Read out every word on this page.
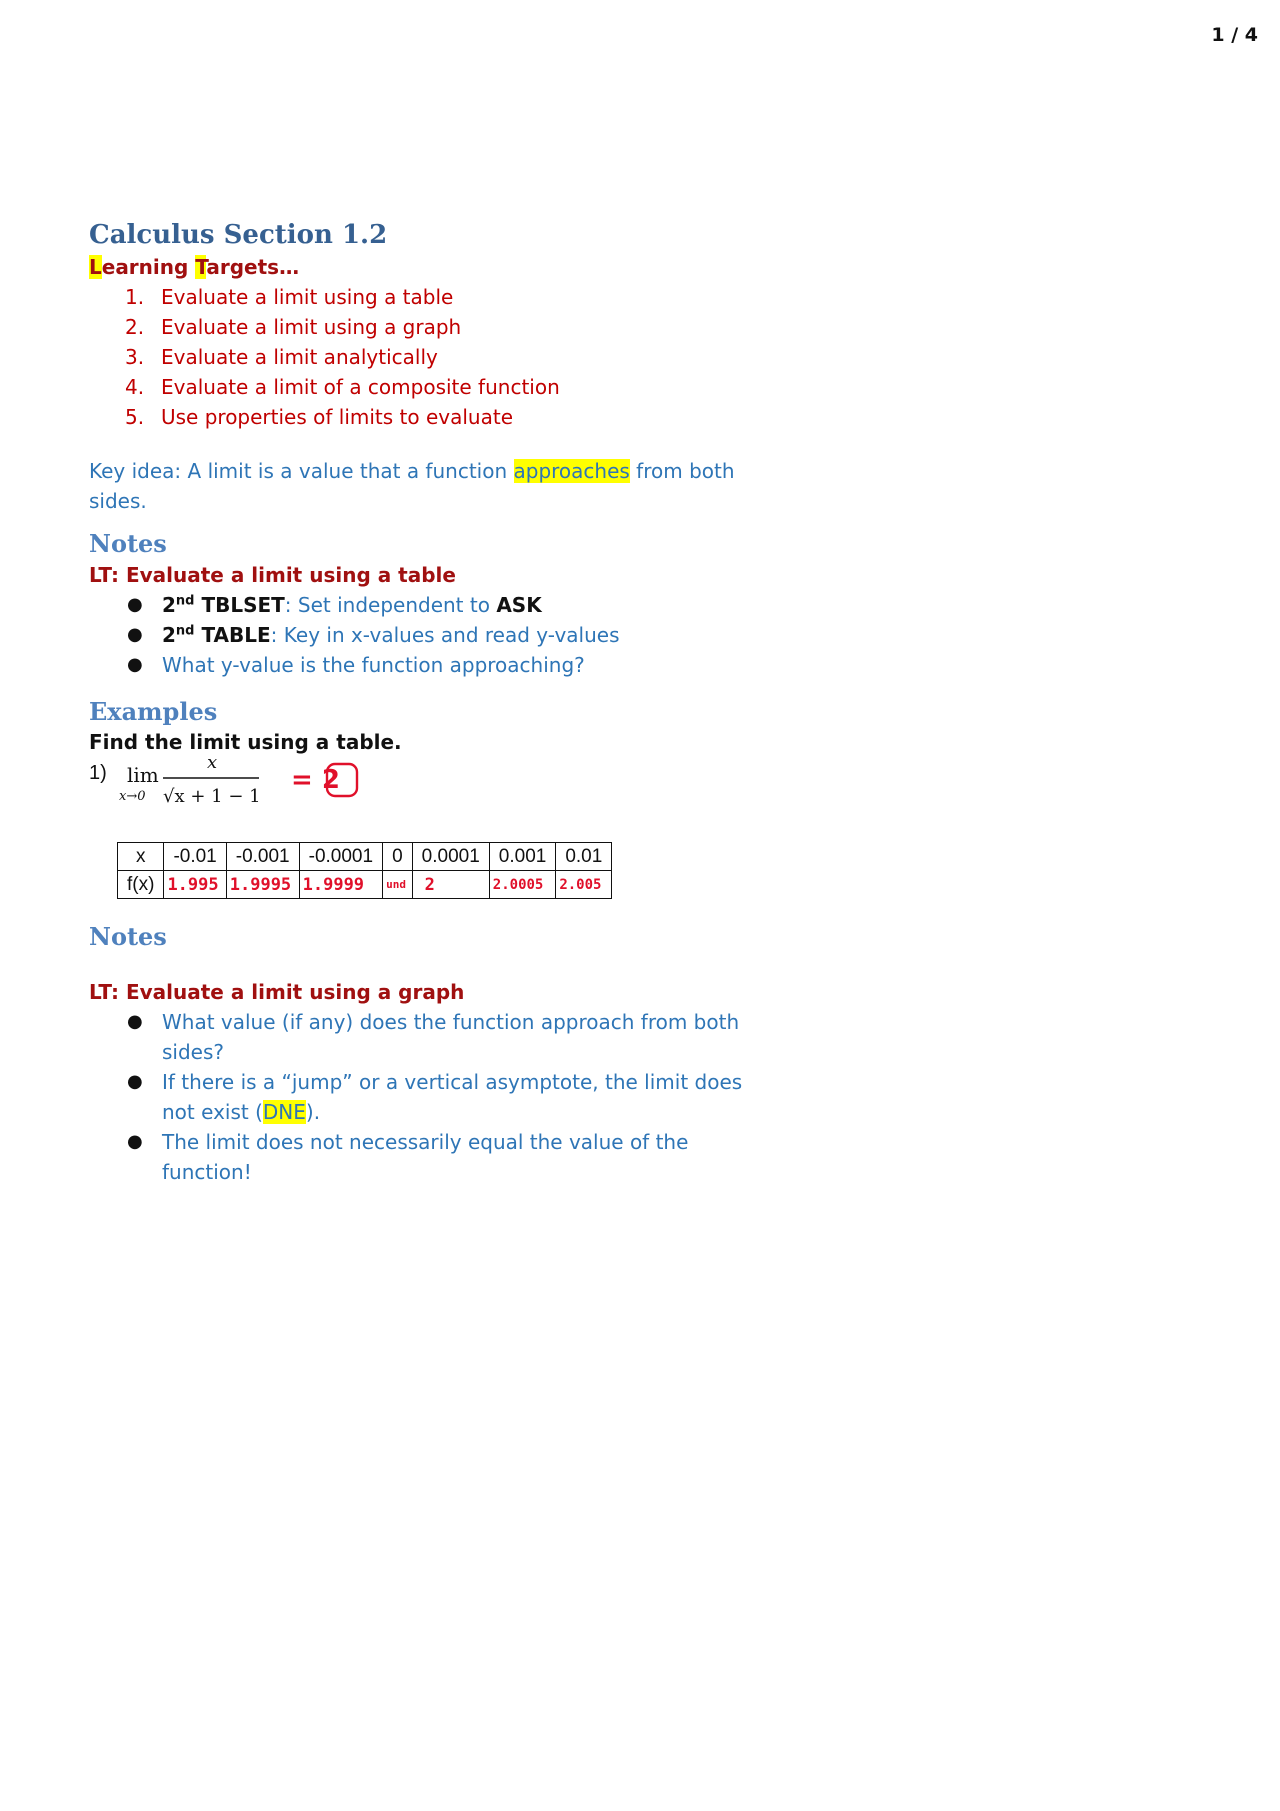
1 / 4
Calculus Section 1.2
Learning Targets…
1. Evaluate a limit using a table
2. Evaluate a limit using a graph
3. Evaluate a limit analytically
4. Evaluate a limit of a composite function
5. Use properties of limits to evaluate
Key idea: A limit is a value that a function approaches from both sides.
Notes
LT: Evaluate a limit using a table
● 2nd TBLSET: Set independent to ASK
● 2nd TABLE: Key in x-values and read y-values
● What y-value is the function approaching?
Examples
Find the limit using a table.
1) lim
x→0
x
√x + 1 − 1
= 2
x	-0.01	-0.001	-0.0001	0	0.0001	0.001	0.01
f(x)	1.995	1.9995	1.9999	und	2	2.0005	2.005
Notes
LT: Evaluate a limit using a graph
● What value (if any) does the function approach from both sides?
● If there is a “jump” or a vertical asymptote, the limit does not exist (DNE).
● The limit does not necessarily equal the value of the function!
